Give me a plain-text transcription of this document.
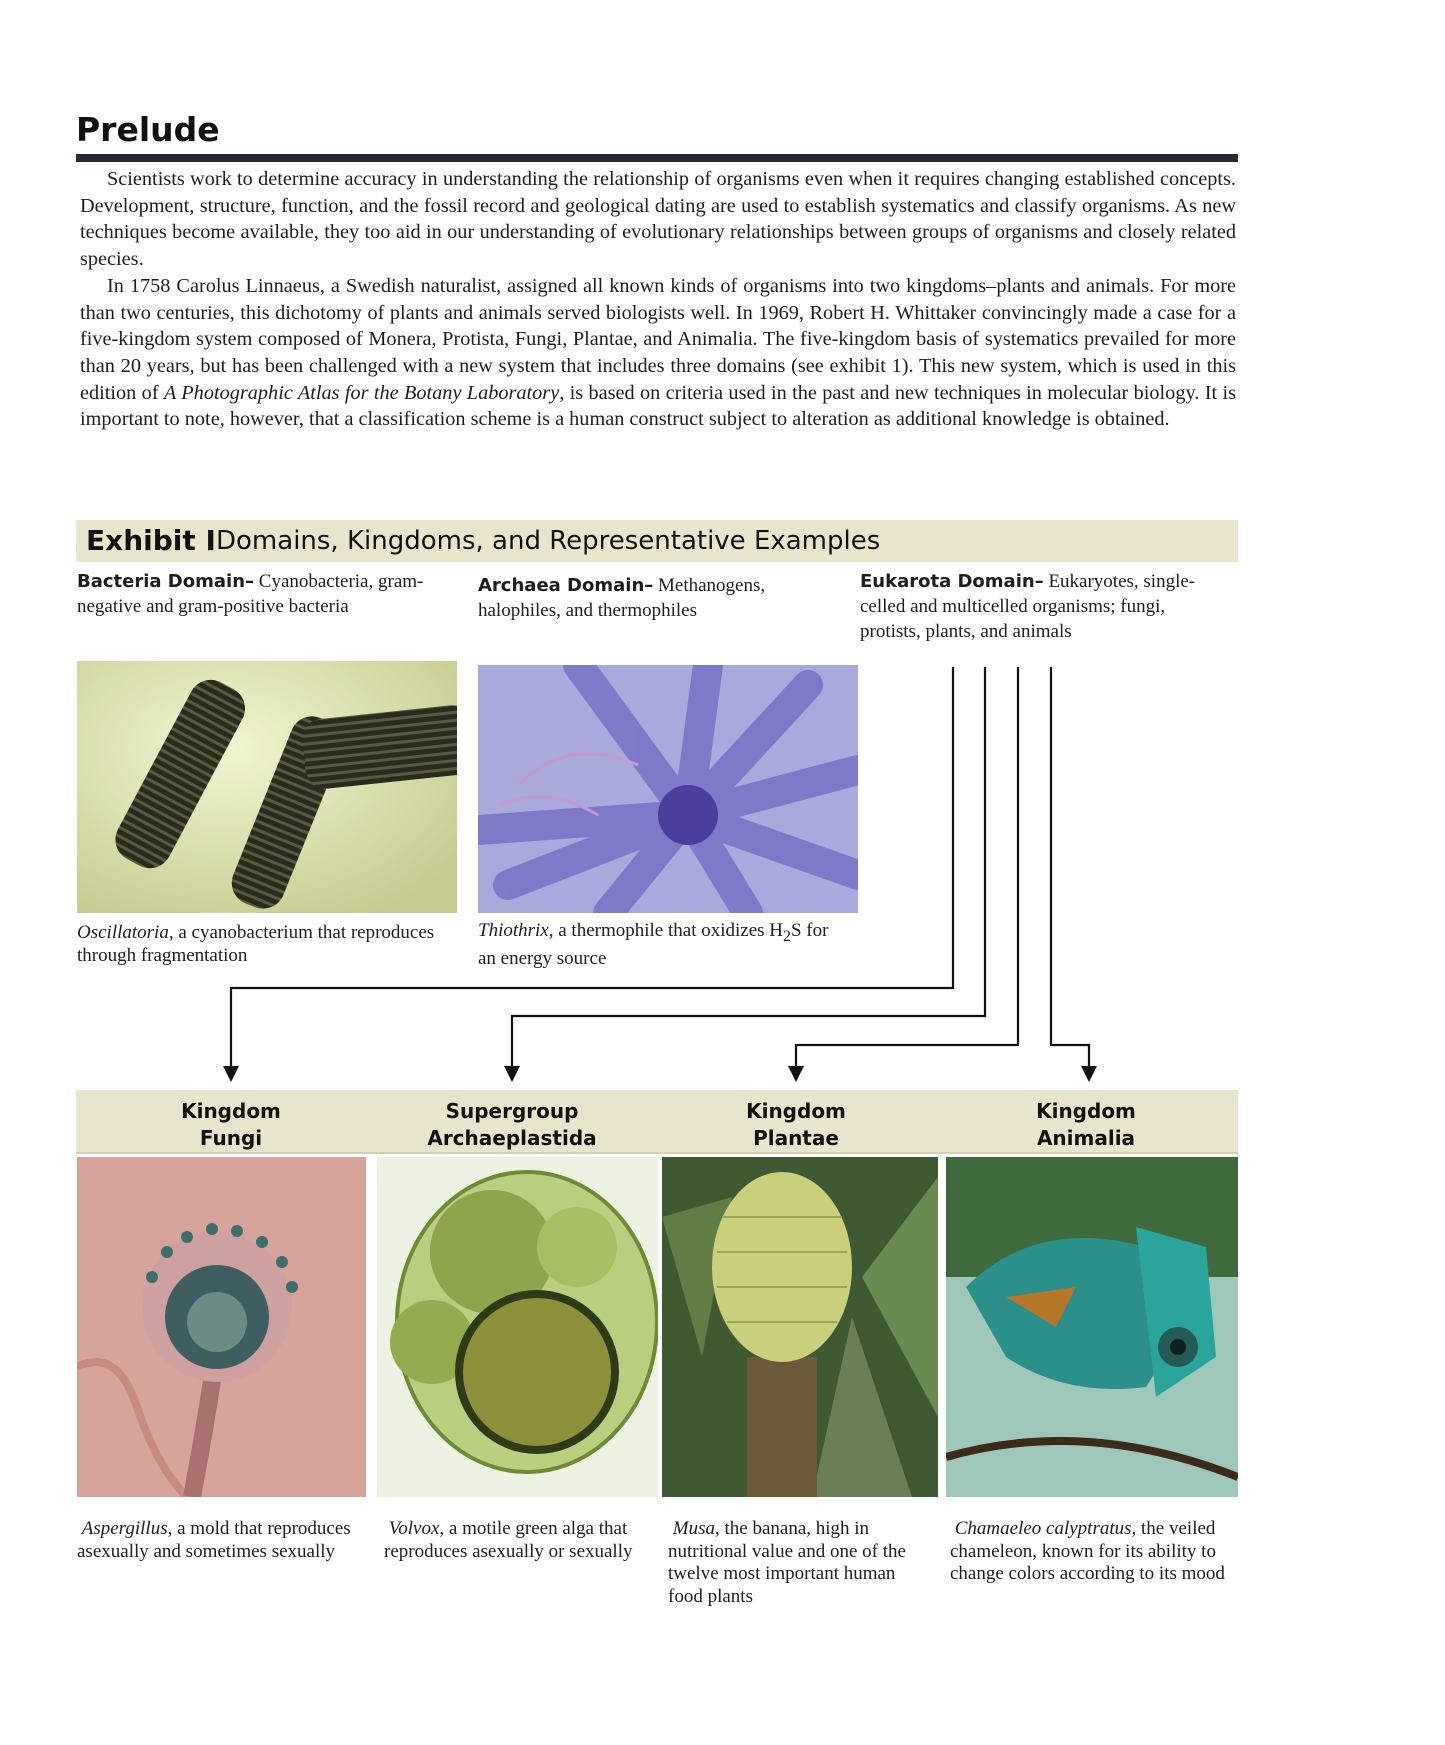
Prelude

Scientists work to determine accuracy in understanding the relationship of organisms even when it requires changing established concepts. Development, structure, function, and the fossil record and geological dating are used to establish systematics and classify organisms. As new techniques become available, they too aid in our understanding of evolutionary relationships between groups of organisms and closely related species.

In 1758 Carolus Linnaeus, a Swedish naturalist, assigned all known kinds of organisms into two kingdoms–plants and animals. For more than two centuries, this dichotomy of plants and animals served biologists well. In 1969, Robert H. Whittaker convincingly made a case for a five-kingdom system composed of Monera, Protista, Fungi, Plantae, and Animalia. The five-kingdom basis of systematics prevailed for more than 20 years, but has been challenged with a new system that includes three domains (see exhibit 1). This new system, which is used in this edition of A Photographic Atlas for the Botany Laboratory, is based on criteria used in the past and new techniques in molecular biology. It is important to note, however, that a classification scheme is a human construct subject to alteration as additional knowledge is obtained.

Exhibit I Domains, Kingdoms, and Representative Examples
Bacteria Domain– Cyanobacteria, gram-negative and gram-positive bacteria
Archaea Domain– Methanogens, halophiles, and thermophiles
Eukarota Domain– Eukaryotes, single-celled and multicelled organisms; fungi, protists, plants, and animals
Oscillatoria, a cyanobacterium that reproduces through fragmentation
Thiothrix, a thermophile that oxidizes $H_2S$ for an energy source
Kingdom
Fungi
Supergroup
Archaeplastida
Kingdom
Plantae
Kingdom
Animalia
Aspergillus, a mold that reproduces asexually and sometimes sexually
Volvox, a motile green alga that reproduces asexually or sexually
Musa, the banana, high in nutritional value and one of the twelve most important human food plants
Chamaeleo calyptratus, the veiled chameleon, known for its ability to change colors according to its mood
